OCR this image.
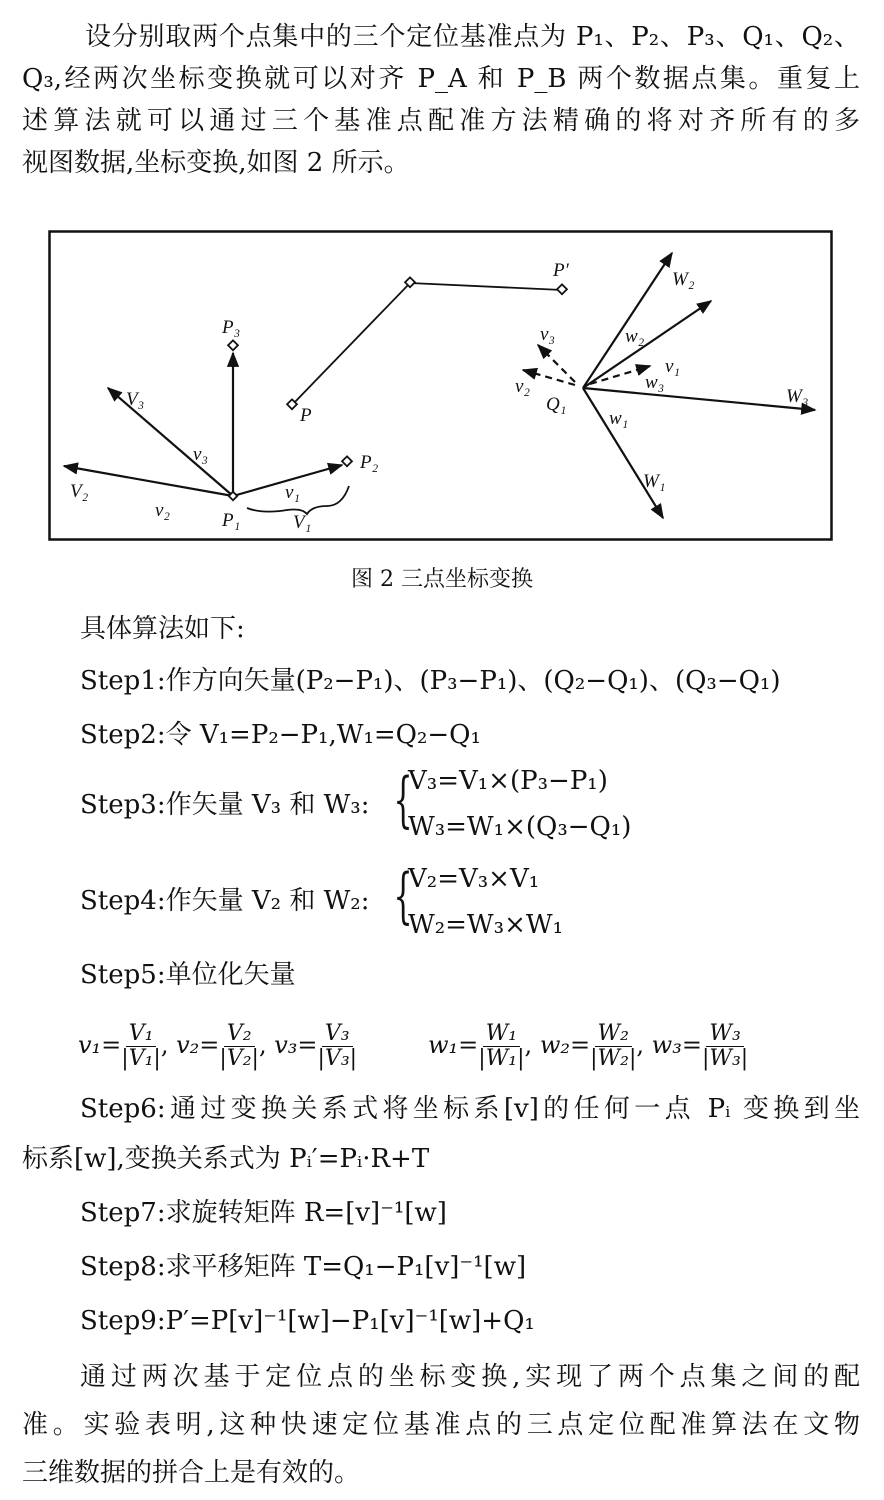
设分别取两个点集中的三个定位基准点为 P₁、P₂、P₃、Q₁、Q₂、
Q₃,经两次坐标变换就可以对齐 P_A 和 P_B 两个数据点集。重复上
述算法就可以通过三个基准点配准方法精确的将对齐所有的多
视图数据,坐标变换,如图 2 所示。
P₃
P₂
P₁	V₁
v₁
V₂
v₂
V₃
v₃
P
P′
Q₁
W₂
w₂
W₃
w₃
W₁
w₁
v₁
v₂
v₃
图 2 三点坐标变换
具体算法如下:
Step1:作方向矢量(P₂−P₁)、(P₃−P₁)、(Q₂−Q₁)、(Q₃−Q₁)
Step2:令 V₁=P₂−P₁,W₁=Q₂−Q₁
Step3:作矢量 V₃ 和 W₃: {
V₃=V₁×(P₃−P₁)
W₃=W₁×(Q₃−Q₁)
Step4:作矢量 V₂ 和 W₂: {
V₂=V₃×V₁
W₂=W₃×W₁
Step5:单位化矢量
$v_1= \frac{\text{V₁}}{\text{|V₁|}}$ , $v_2= \frac{\text{V₂}}{\text{|V₂|}}$ , $v_3= \frac{\text{V₃}}{\text{|V₃|}}$	$w_1= \frac{\text{W₁}}{\text{|W₁|}}$ , $w_2= \frac{\text{W₂}}{\text{|W₂|}}$ , $w_3= \frac{\text{W₃}}{\text{|W₃|}}$
Step6:通过变换关系式将坐标系[v]的任何一点 Pᵢ 变换到坐
标系[w],变换关系式为 Pᵢ′=Pᵢ·R+T
Step7:求旋转矩阵 R=[v]⁻¹[w]
Step8:求平移矩阵 T=Q₁−P₁[v]⁻¹[w]
Step9:P′=P[v]⁻¹[w]−P₁[v]⁻¹[w]+Q₁
通过两次基于定位点的坐标变换,实现了两个点集之间的配
准。实验表明,这种快速定位基准点的三点定位配准算法在文物
三维数据的拼合上是有效的。
